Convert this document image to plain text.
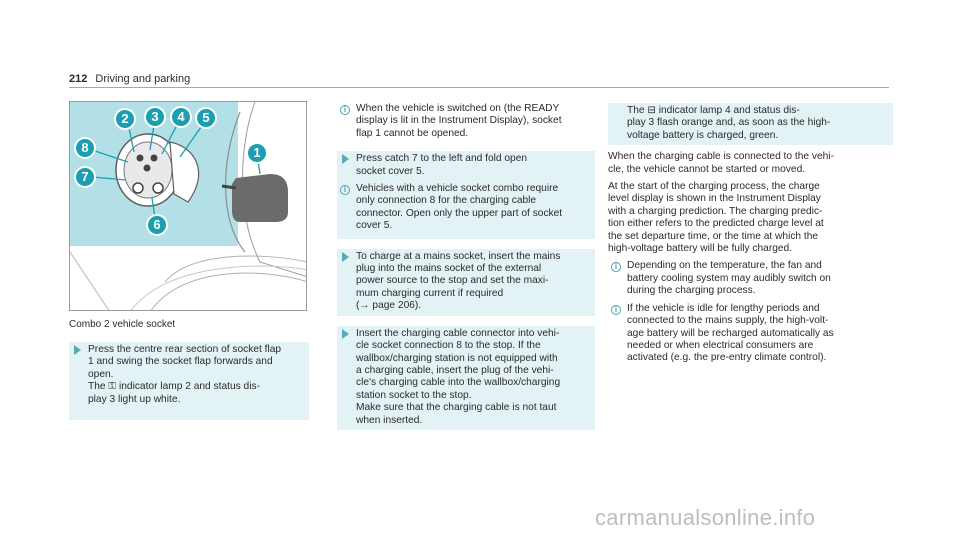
212 Driving and parking
2	3	4	5
8
7
1
6
Combo 2 vehicle socket
Press the centre rear section of socket flap
1 and swing the socket flap forwards and
open.
The ⚿ indicator lamp 2 and status dis-
play 3 light up white.
i When the vehicle is switched on (the READY
display is lit in the Instrument Display), socket
flap 1 cannot be opened.
Press catch 7 to the left and fold open
socket cover 5.
i Vehicles with a vehicle socket combo require
only connection 8 for the charging cable
connector. Open only the upper part of socket
cover 5.
To charge at a mains socket, insert the mains
plug into the mains socket of the external
power source to the stop and set the maxi-
mum charging current if required
(→ page 206).
Insert the charging cable connector into vehi-
cle socket connection 8 to the stop. If the
wallbox/charging station is not equipped with
a charging cable, insert the plug of the vehi-
cle's charging cable into the wallbox/charging
station socket to the stop.
Make sure that the charging cable is not taut
when inserted.
The ⊟ indicator lamp 4 and status dis-
play 3 flash orange and, as soon as the high-
voltage battery is charged, green.
When the charging cable is connected to the vehi-
cle, the vehicle cannot be started or moved.
At the start of the charging process, the charge
level display is shown in the Instrument Display
with a charging prediction. The charging predic-
tion either refers to the predicted charge level at
the set departure time, or the time at which the
high-voltage battery will be fully charged.
i Depending on the temperature, the fan and
battery cooling system may audibly switch on
during the charging process.
i If the vehicle is idle for lengthy periods and
connected to the mains supply, the high-volt-
age battery will be recharged automatically as
needed or when electrical consumers are
activated (e.g. the pre-entry climate control).
carmanualsonline.info
